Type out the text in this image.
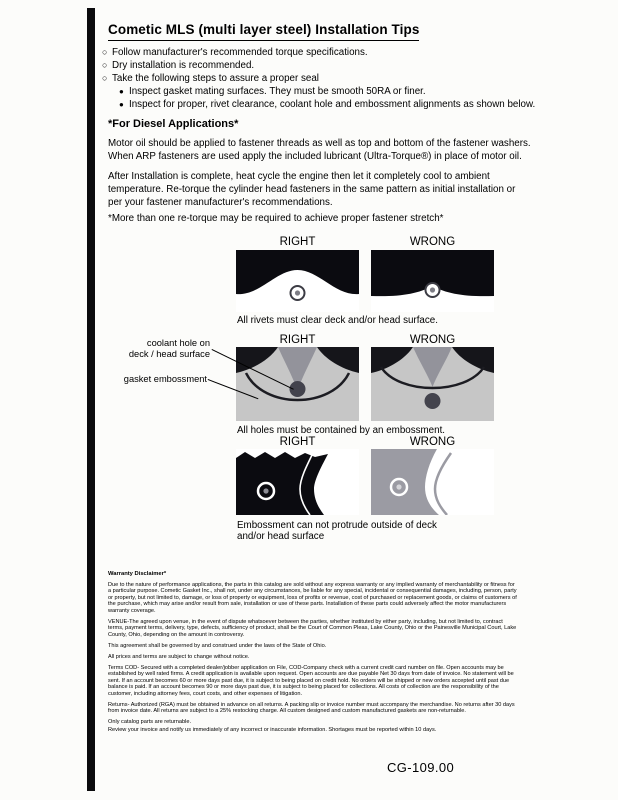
Cometic MLS (multi layer steel) Installation Tips
○ Follow manufacturer's recommended torque specifications.
○ Dry installation is recommended.
○ Take the following steps to assure a proper seal
● Inspect gasket mating surfaces. They must be smooth 50RA or finer.
● Inspect for proper, rivet clearance, coolant hole and embossment alignments as shown below.
*For Diesel Applications*

Motor oil should be applied to fastener threads as well as top and bottom of the fastener washers. When ARP fasteners are used apply the included lubricant (Ultra-Torque®) in place of motor oil.

After Installation is complete, heat cycle the engine then let it completely cool to ambient temperature. Re-torque the cylinder head fasteners in the same pattern as initial installation or per your fastener manufacturer's recommendations.

*More than one re-torque may be required to achieve proper fastener stretch*

RIGHT	WRONG
All rivets must clear deck and/or head surface.
RIGHT	WRONG
All holes must be contained by an embossment.
RIGHT	WRONG
Embossment can not protrude outside of deck
and/or head surface
coolant hole on
deck / head surface
gasket embossment
Warranty Disclaimer*

Due to the nature of performance applications, the parts in this catalog are sold without any express warranty or any implied warranty of merchantability or fitness for a particular purpose. Cometic Gasket Inc., shall not, under any circumstances, be liable for any special, incidental or consequential damages, including, person, party or property, but not limited to, damage, or loss of property or equipment, loss of profits or revenue, cost of purchased or replacement goods, or claims of customers of the purchase, which may arise and/or result from sale, installation or use of these parts. Installation of these parts could adversely affect the motor manufacturers warranty coverage.

VENUE-The agreed upon venue, in the event of dispute whatsoever between the parties, whether instituted by either party, including, but not limited to, contract terms, payment terms, delivery, type, defects, sufficiency of product, shall be the Court of Common Pleas, Lake County, Ohio or the Painesville Municipal Court, Lake County, Ohio, depending on the amount in controversy.

This agreement shall be governed by and construed under the laws of the State of Ohio.

All prices and terms are subject to change without notice.

Terms COD- Secured with a completed dealer/jobber application on File, COD-Company check with a current credit card number on file. Open accounts may be established by well rated firms. A credit application is available upon request. Open accounts are due payable Net 30 days from date of invoice. No statement will be sent. If an account becomes 60 or more days past due, it is subject to being placed on credit hold. No orders will be shipped or new orders accepted until past due balance is paid. If an account becomes 90 or more days past due, it is subject to being placed for collections. All costs of collection are the responsibility of the customer, including attorney fees, court costs, and other expenses of litigation.

Returns- Authorized (RGA) must be obtained in advance on all returns. A packing slip or invoice number must accompany the merchandise. No returns after 30 days from invoice date. All returns are subject to a 25% restocking charge. All custom designed and custom manufactured gaskets are non-returnable.

Only catalog parts are returnable.

Review your invoice and notify us immediately of any incorrect or inaccurate information. Shortages must be reported within 10 days.

CG-109.00
